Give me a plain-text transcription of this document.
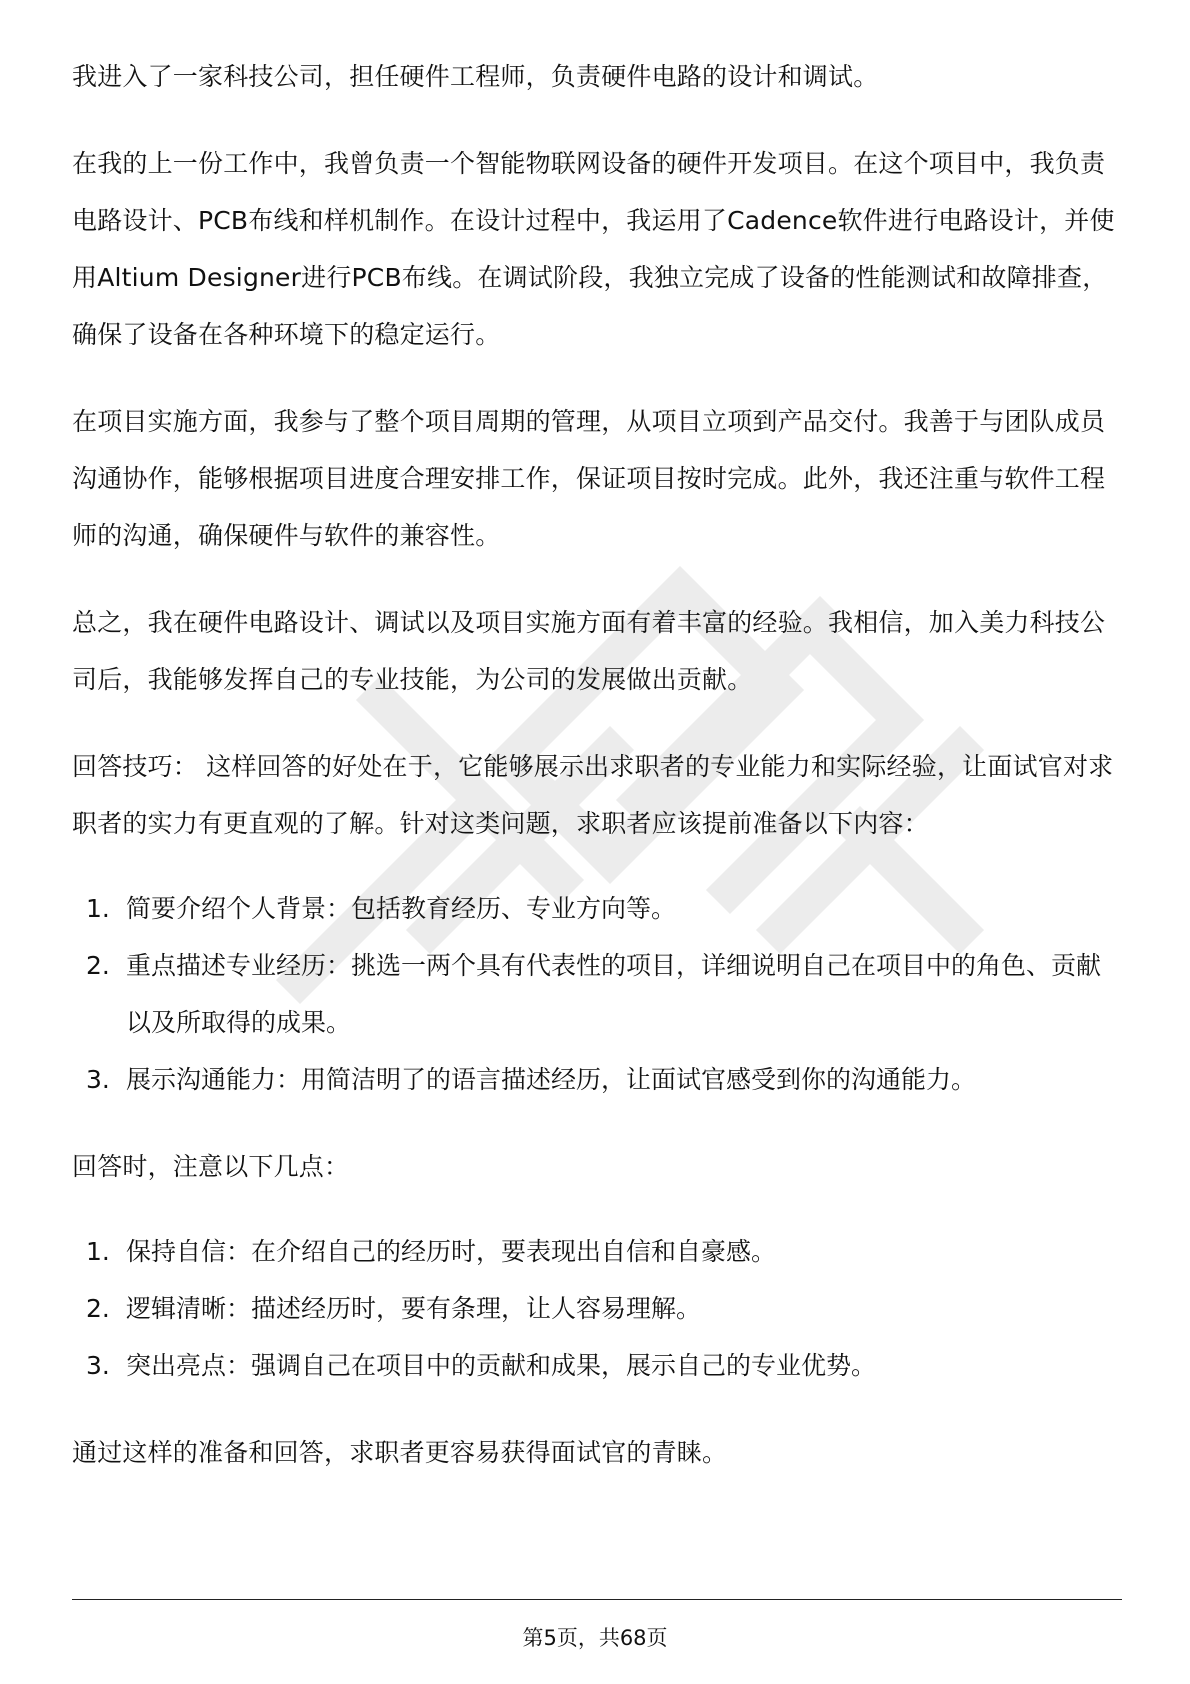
我进入了一家科技公司，担任硬件工程师，负责硬件电路的设计和调试。

在我的上一份工作中，我曾负责一个智能物联网设备的硬件开发项目。在这个项目中，我负责电路设计、PCB布线和样机制作。在设计过程中，我运用了Cadence软件进行电路设计，并使用Altium Designer进行PCB布线。在调试阶段，我独立完成了设备的性能测试和故障排查，确保了设备在各种环境下的稳定运行。

在项目实施方面，我参与了整个项目周期的管理，从项目立项到产品交付。我善于与团队成员沟通协作，能够根据项目进度合理安排工作，保证项目按时完成。此外，我还注重与软件工程师的沟通，确保硬件与软件的兼容性。

总之，我在硬件电路设计、调试以及项目实施方面有着丰富的经验。我相信，加入美力科技公司后，我能够发挥自己的专业技能，为公司的发展做出贡献。

回答技巧： 这样回答的好处在于，它能够展示出求职者的专业能力和实际经验，让面试官对求职者的实力有更直观的了解。针对这类问题，求职者应该提前准备以下内容：

1. 简要介绍个人背景：包括教育经历、专业方向等。
2. 重点描述专业经历：挑选一两个具有代表性的项目，详细说明自己在项目中的角色、贡献以及所取得的成果。
3. 展示沟通能力：用简洁明了的语言描述经历，让面试官感受到你的沟通能力。

回答时，注意以下几点：

1. 保持自信：在介绍自己的经历时，要表现出自信和自豪感。
2. 逻辑清晰：描述经历时，要有条理，让人容易理解。
3. 突出亮点：强调自己在项目中的贡献和成果，展示自己的专业优势。

通过这样的准备和回答，求职者更容易获得面试官的青睐。

第5页，共68页
